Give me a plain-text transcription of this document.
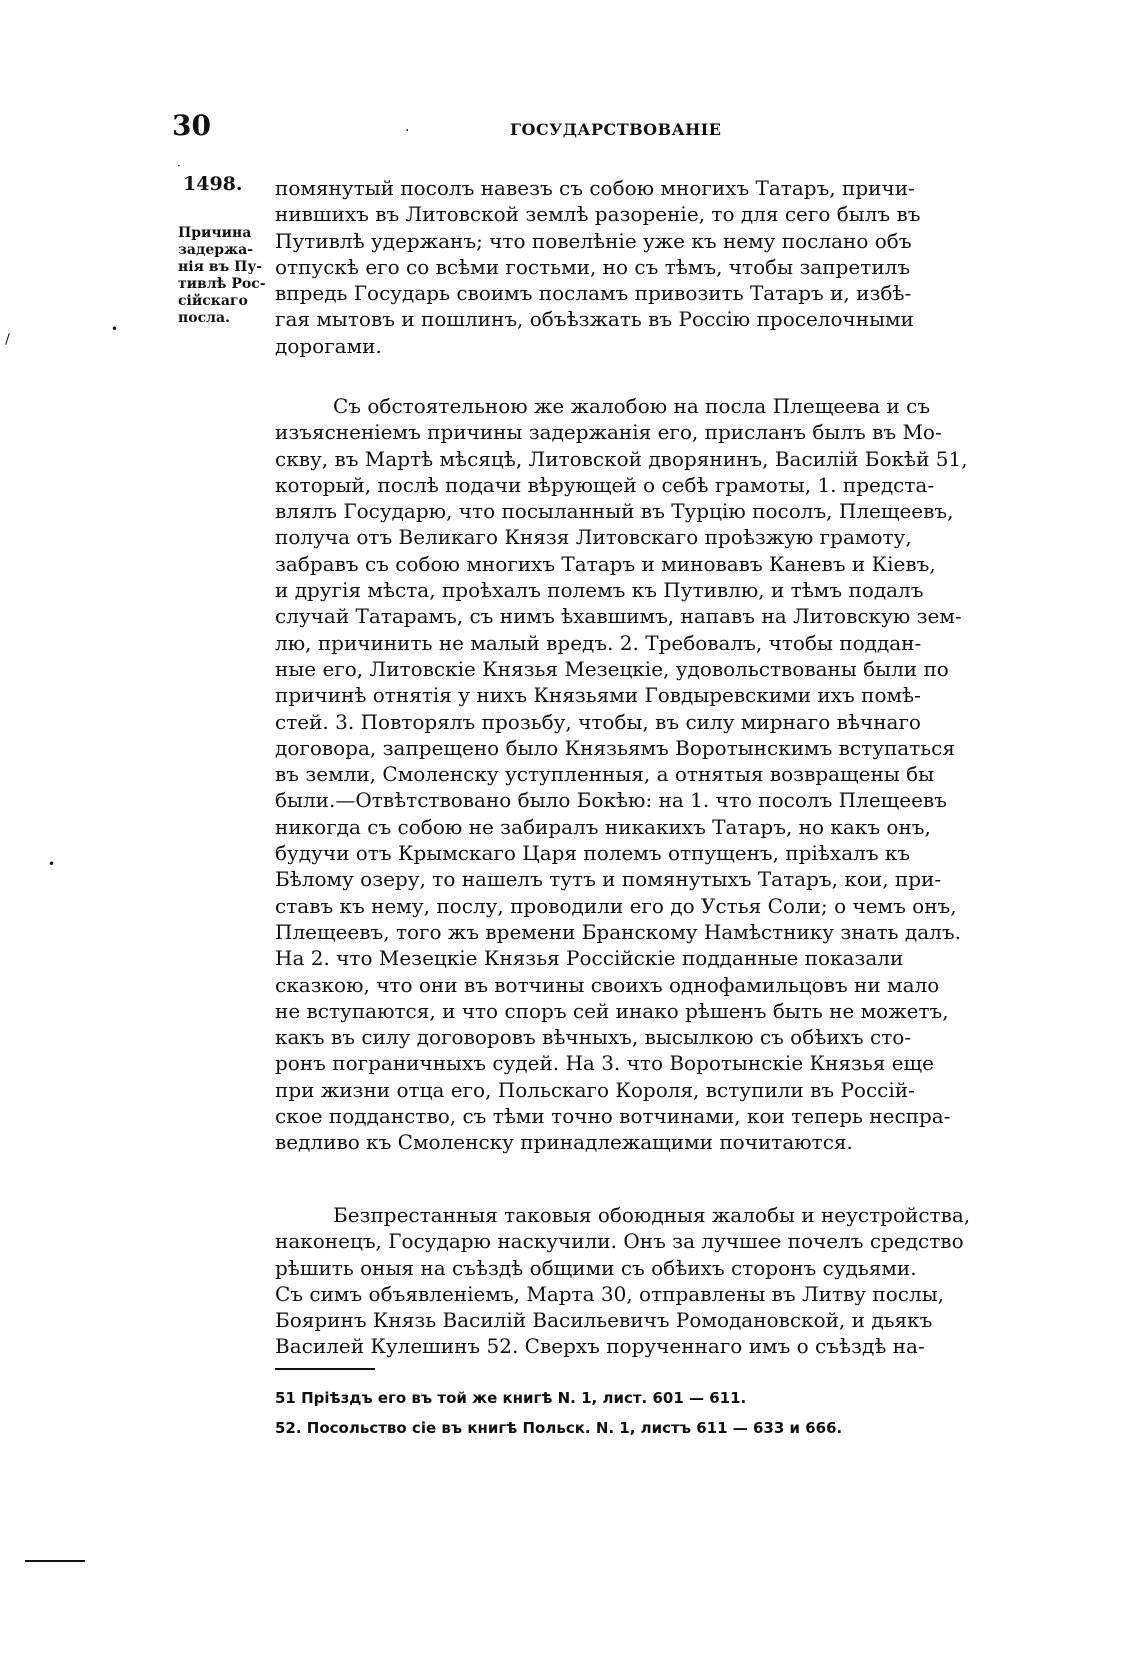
30	·	ГОСУДАРСТВОВАНІЕ
·
1498.
Причина
задержа-
нія въ Пу-
тивлѣ Рос-
сійскаго
посла.
•
•
\
помянутый посолъ навезъ съ собою многихъ Татаръ, причи-
нившихъ въ Литовской землѣ разореніе, то для сего былъ въ
Путивлѣ удержанъ; что повелѣніе уже къ нему послано объ
отпускѣ его со всѣми гостьми, но съ тѣмъ, чтобы запретилъ
впредь Государь своимъ посламъ привозить Татаръ и, избѣ-
гая мытовъ и пошлинъ, объѣзжать въ Россію проселочными
дорогами.
Съ обстоятельною же жалобою на посла Плещеева и съ
изъясненіемъ причины задержанія его, присланъ былъ въ Мо-
скву, въ Мартѣ мѣсяцѣ, Литовской дворянинъ, Василій Бокѣй 51,
который, послѣ подачи вѣрующей о себѣ грамоты, 1. предста-
влялъ Государю, что посыланный въ Турцію посолъ, Плещеевъ,
получа отъ Великаго Князя Литовскаго проѣзжую грамоту,
забравъ съ собою многихъ Татаръ и миновавъ Каневъ и Кіевъ,
и другія мѣста, проѣхалъ полемъ къ Путивлю, и тѣмъ подалъ
случай Татарамъ, съ нимъ ѣхавшимъ, напавъ на Литовскую зем-
лю, причинить не малый вредъ. 2. Требовалъ, чтобы поддан-
ные его, Литовскіе Князья Мезецкіе, удовольствованы были по
причинѣ отнятія у нихъ Князьями Говдыревскими ихъ помѣ-
стей. 3. Повторялъ прозьбу, чтобы, въ силу мирнаго вѣчнаго
договора, запрещено было Князьямъ Воротынскимъ вступаться
въ земли, Смоленску уступленныя, а отнятыя возвращены бы
были.—Отвѣтствовано было Бокѣю: на 1. что посолъ Плещеевъ
никогда съ собою не забиралъ никакихъ Татаръ, но какъ онъ,
будучи отъ Крымскаго Царя полемъ отпущенъ, пріѣхалъ къ
Бѣлому озеру, то нашелъ тутъ и помянутыхъ Татаръ, кои, при-
ставъ къ нему, послу, проводили его до Устья Соли; о чемъ онъ,
Плещеевъ, того жъ времени Бранскому Намѣстнику знать далъ.
На 2. что Мезецкіе Князья Россійскіе подданные показали
сказкою, что они въ вотчины своихъ однофамильцовъ ни мало
не вступаются, и что споръ сей инако рѣшенъ быть не можетъ,
какъ въ силу договоровъ вѣчныхъ, высылкою съ обѣихъ сто-
ронъ пограничныхъ судей. На 3. что Воротынскіе Князья еще
при жизни отца его, Польскаго Короля, вступили въ Россій-
ское подданство, съ тѣми точно вотчинами, кои теперь неспра-
ведливо къ Смоленску принадлежащими почитаются.
Безпрестанныя таковыя обоюдныя жалобы и неустройства,
наконецъ, Государю наскучили. Онъ за лучшее почелъ средство
рѣшить оныя на съѣздѣ общими съ обѣихъ сторонъ судьями.
Съ симъ объявленіемъ, Марта 30, отправлены въ Литву послы,
Бояринъ Князь Василій Васильевичъ Ромодановской, и дьякъ
Василей Кулешинъ 52. Сверхъ порученнаго имъ о съѣздѣ на-
51 Пріѣздъ его въ той же книгѣ N. 1, лист. 601 — 611.
52. Посольство сіе въ книгѣ Польск. N. 1, листъ 611 — 633 и 666.
